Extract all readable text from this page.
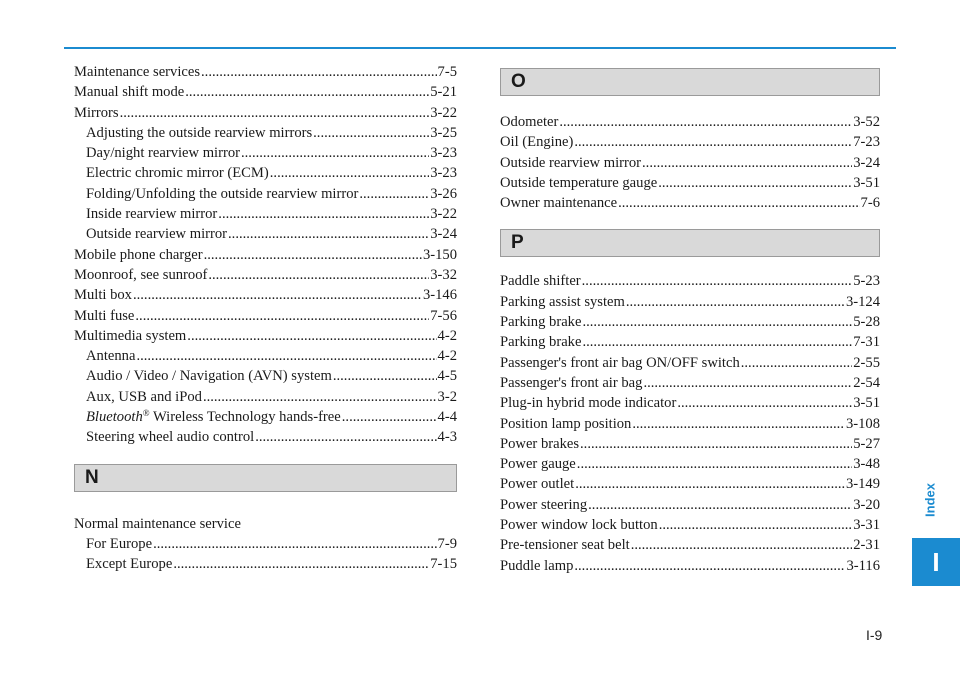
Index
I
I-9
Maintenance services .....	7-5
Manual shift mode .....	5-21
Mirrors .....	3-22
Adjusting the outside rearview mirrors .....	3-25
Day/night rearview mirror .....	3-23
Electric chromic mirror (ECM) .....	3-23
Folding/Unfolding the outside rearview mirror .....	3-26
Inside rearview mirror .....	3-22
Outside rearview mirror .....	3-24
Mobile phone charger .....	3-150
Moonroof, see sunroof .....	3-32
Multi box .....	3-146
Multi fuse .....	7-56
Multimedia system .....	4-2
Antenna .....	4-2
Audio / Video / Navigation (AVN) system .....	4-5
Aux, USB and iPod .....	3-2
Bluetooth® Wireless Technology hands-free .....	4-4
Steering wheel audio control .....	4-3
N
Normal maintenance service
For Europe .....	7-9
Except Europe .....	7-15
O
Odometer .....	3-52
Oil (Engine) .....	7-23
Outside rearview mirror .....	3-24
Outside temperature gauge .....	3-51
Owner maintenance .....	7-6
P
Paddle shifter .....	5-23
Parking assist system .....	3-124
Parking brake .....	5-28
Parking brake .....	7-31
Passenger's front air bag ON/OFF switch .....	2-55
Passenger's front air bag .....	2-54
Plug-in hybrid mode indicator .....	3-51
Position lamp position .....	3-108
Power brakes .....	5-27
Power gauge .....	3-48
Power outlet .....	3-149
Power steering .....	3-20
Power window lock button .....	3-31
Pre-tensioner seat belt .....	2-31
Puddle lamp .....	3-116
